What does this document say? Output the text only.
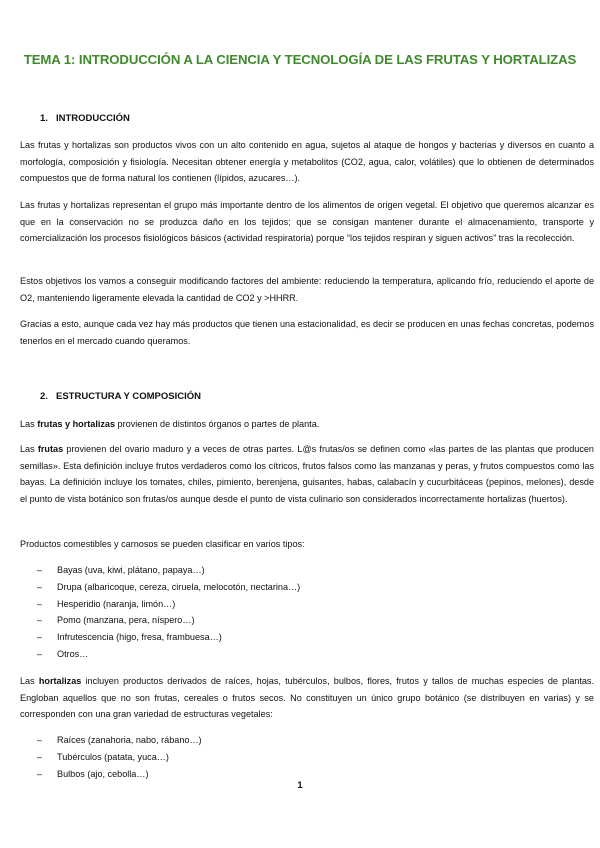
TEMA 1: INTRODUCCIÓN A LA CIENCIA Y TECNOLOGÍA DE LAS FRUTAS Y HORTALIZAS
1. INTRODUCCIÓN

Las frutas y hortalizas son productos vivos con un alto contenido en agua, sujetos al ataque de hongos y bacterias y diversos en cuanto a morfología, composición y fisiología. Necesitan obtener energía y metabolitos (CO2, agua, calor, volátiles) que lo obtienen de determinados compuestos que de forma natural los contienen (lípidos, azucares…).

Las frutas y hortalizas representan el grupo más importante dentro de los alimentos de origen vegetal. El objetivo que queremos alcanzar es que en la conservación no se produzca daño en los tejidos; que se consigan mantener durante el almacenamiento, transporte y comercialización los procesos fisiológicos básicos (actividad respiratoria) porque “los tejidos respiran y siguen activos” tras la recolección.

Estos objetivos los vamos a conseguir modificando factores del ambiente: reduciendo la temperatura, aplicando frío, reduciendo el aporte de O2, manteniendo ligeramente elevada la cantidad de CO2 y >HHRR.

Gracias a esto, aunque cada vez hay más productos que tienen una estacionalidad, es decir se producen en unas fechas concretas, podemos tenerlos en el mercado cuando queramos.

2. ESTRUCTURA Y COMPOSICIÓN

Las frutas y hortalizas provienen de distintos órganos o partes de planta.

Las frutas provienen del ovario maduro y a veces de otras partes. L@s frutas/os se definen como «las partes de las plantas que producen semillas». Esta definición incluye frutos verdaderos como los cítricos, frutos falsos como las manzanas y peras, y frutos compuestos como las bayas. La definición incluye los tomates, chiles, pimiento, berenjena, guisantes, habas, calabacín y cucurbitáceas (pepinos, melones), desde el punto de vista botánico son frutas/os aunque desde el punto de vista culinario son considerados incorrectamente hortalizas (huertos).

Productos comestibles y carnosos se pueden clasificar en varios tipos:

– Bayas (uva, kiwi, plátano, papaya…)
– Drupa (albaricoque, cereza, ciruela, melocotón, nectarina…)
– Hesperidio (naranja, limón…)
– Pomo (manzana, pera, níspero…)
– Infrutescencia (higo, fresa, frambuesa…)
– Otros…

Las hortalizas incluyen productos derivados de raíces, hojas, tubérculos, bulbos, flores, frutos y tallos de muchas especies de plantas. Engloban aquellos que no son frutas, cereales o frutos secos. No constituyen un único grupo botánico (se distribuyen en varias) y se corresponden con una gran variedad de estructuras vegetales:

– Raíces (zanahoria, nabo, rábano…)
– Tubérculos (patata, yuca…)
– Bulbos (ajo, cebolla…)

1
